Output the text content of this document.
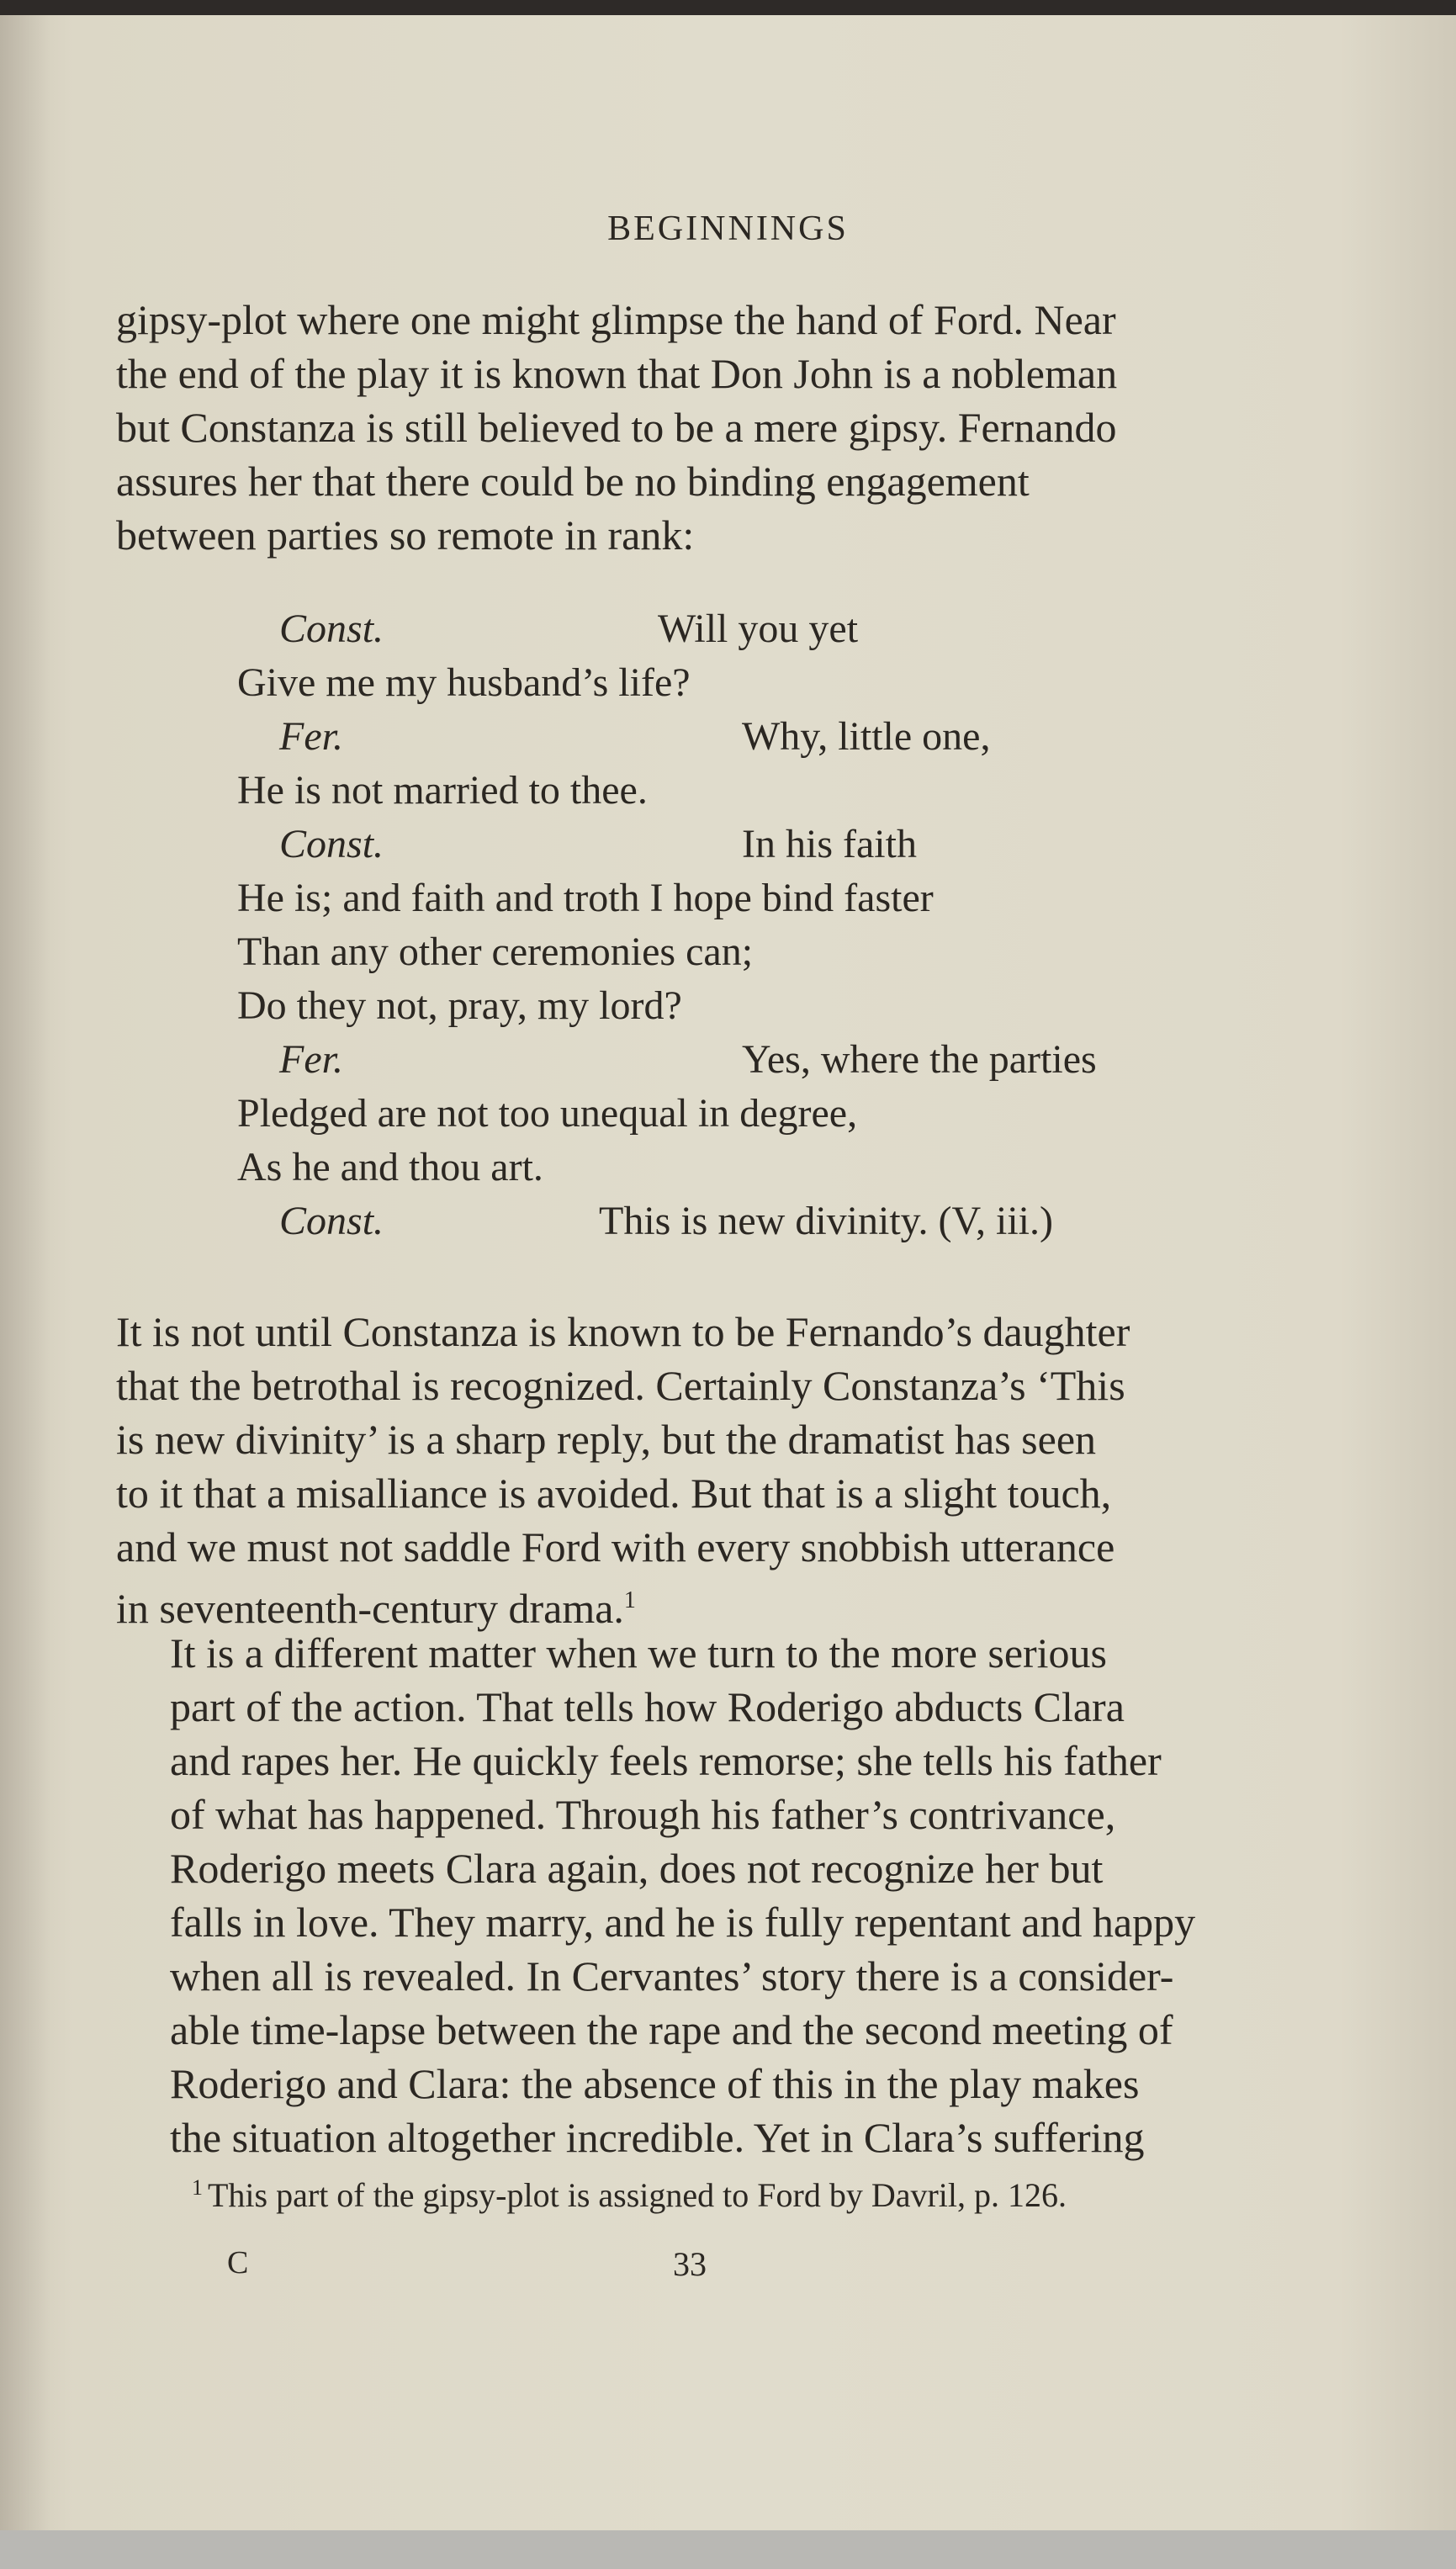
BEGINNINGS

gipsy-plot where one might glimpse the hand of Ford. Near
the end of the play it is known that Don John is a nobleman
but Constanza is still believed to be a mere gipsy. Fernando
assures her that there could be no binding engagement
between parties so remote in rank:

Const.	Will you yet
Give me my husband’s life?
Fer.	Why, little one,
He is not married to thee.
Const.	In his faith
He is; and faith and troth I hope bind faster
Than any other ceremonies can;
Do they not, pray, my lord?
Fer.	Yes, where the parties
Pledged are not too unequal in degree,
As he and thou art.
Const.	This is new divinity. (V, iii.)

It is not until Constanza is known to be Fernando’s daughter
that the betrothal is recognized. Certainly Constanza’s ‘This
is new divinity’ is a sharp reply, but the dramatist has seen
to it that a misalliance is avoided. But that is a slight touch,
and we must not saddle Ford with every snobbish utterance
in seventeenth-century drama.$^1$

It is a different matter when we turn to the more serious
part of the action. That tells how Roderigo abducts Clara
and rapes her. He quickly feels remorse; she tells his father
of what has happened. Through his father’s contrivance,
Roderigo meets Clara again, does not recognize her but
falls in love. They marry, and he is fully repentant and happy
when all is revealed. In Cervantes’ story there is a consider-
able time-lapse between the rape and the second meeting of
Roderigo and Clara: the absence of this in the play makes
the situation altogether incredible. Yet in Clara’s suffering

$^1$ This part of the gipsy-plot is assigned to Ford by Davril, p. 126.
C	33
